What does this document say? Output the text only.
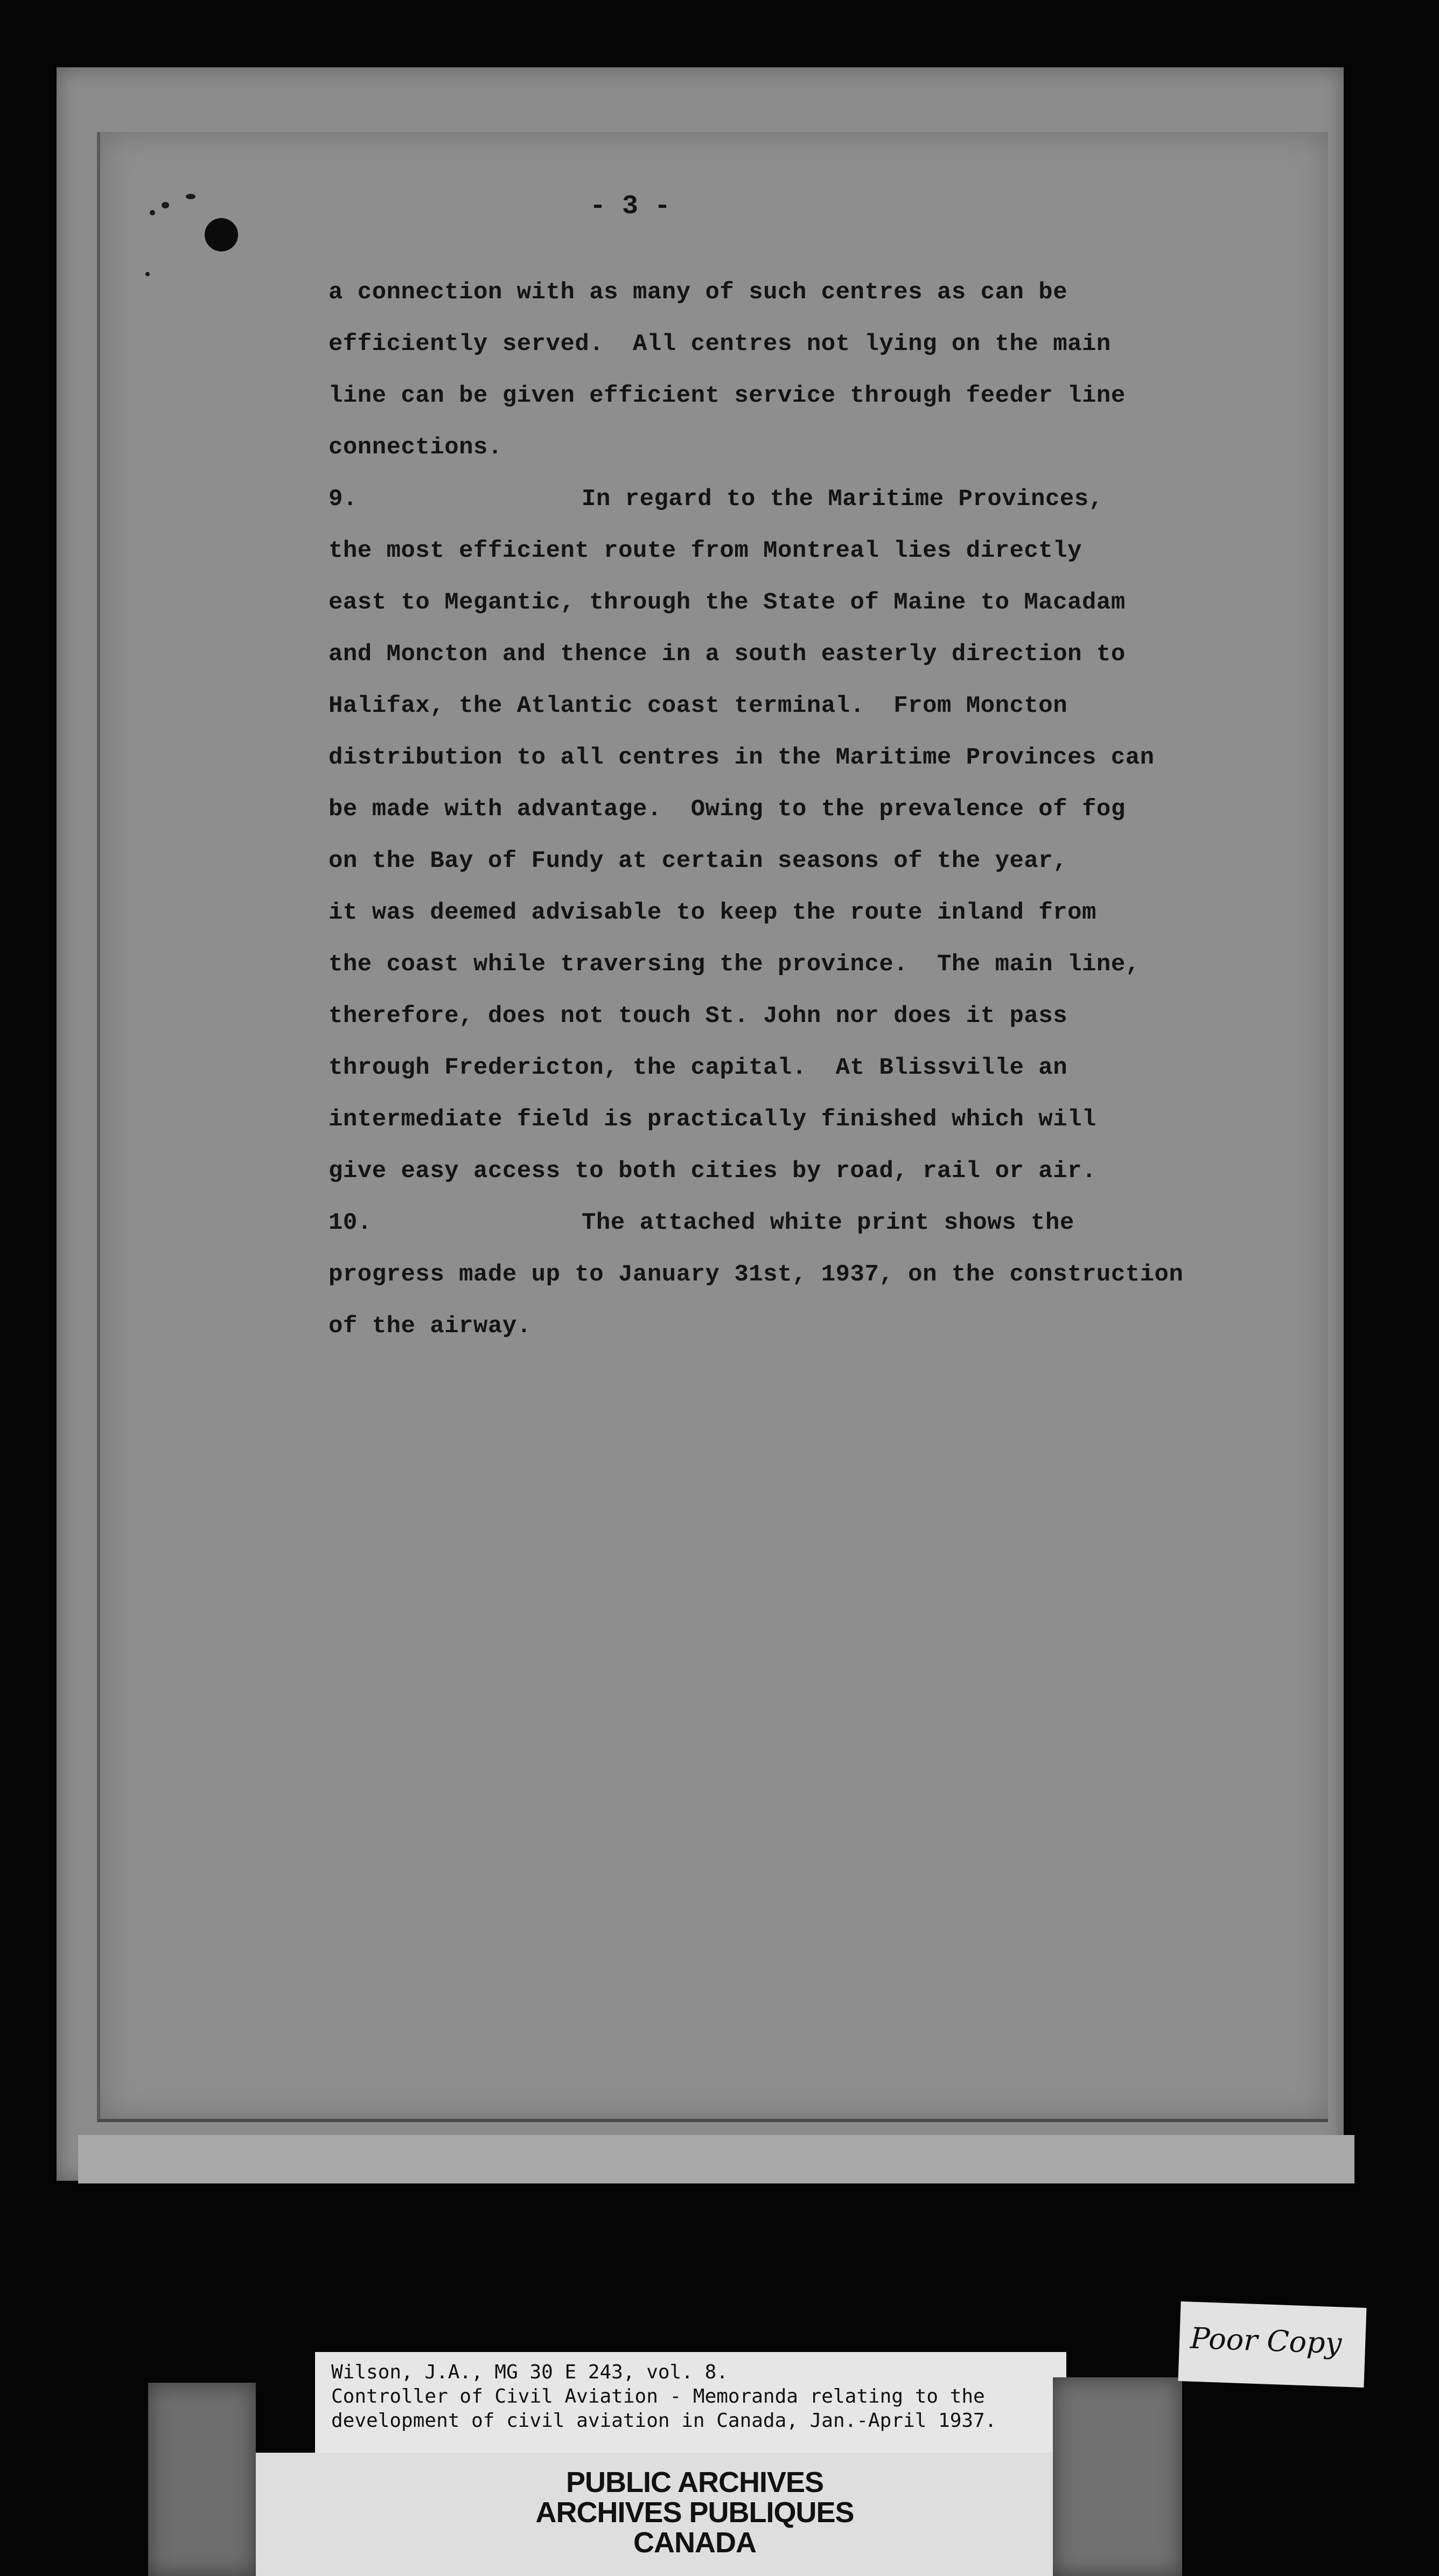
- 3 -
a connection with as many of such centres as can be
efficiently served.  All centres not lying on the main
line can be given efficient service through feeder line
connections.
9.	In regard to the Maritime Provinces,
the most efficient route from Montreal lies directly
east to Megantic, through the State of Maine to Macadam
and Moncton and thence in a south easterly direction to
Halifax, the Atlantic coast terminal.  From Moncton
distribution to all centres in the Maritime Provinces can
be made with advantage.  Owing to the prevalence of fog
on the Bay of Fundy at certain seasons of the year,
it was deemed advisable to keep the route inland from
the coast while traversing the province.  The main line,
therefore, does not touch St. John nor does it pass
through Fredericton, the capital.  At Blissville an
intermediate field is practically finished which will
give easy access to both cities by road, rail or air.
10.	The attached white print shows the
progress made up to January 31st, 1937, on the construction
of the airway.
Wilson, J.A., MG 30 E 243, vol. 8.
Controller of Civil Aviation - Memoranda relating to the
development of civil aviation in Canada, Jan.-April 1937.
PUBLIC ARCHIVES
ARCHIVES PUBLIQUES
CANADA
Poor Copy
